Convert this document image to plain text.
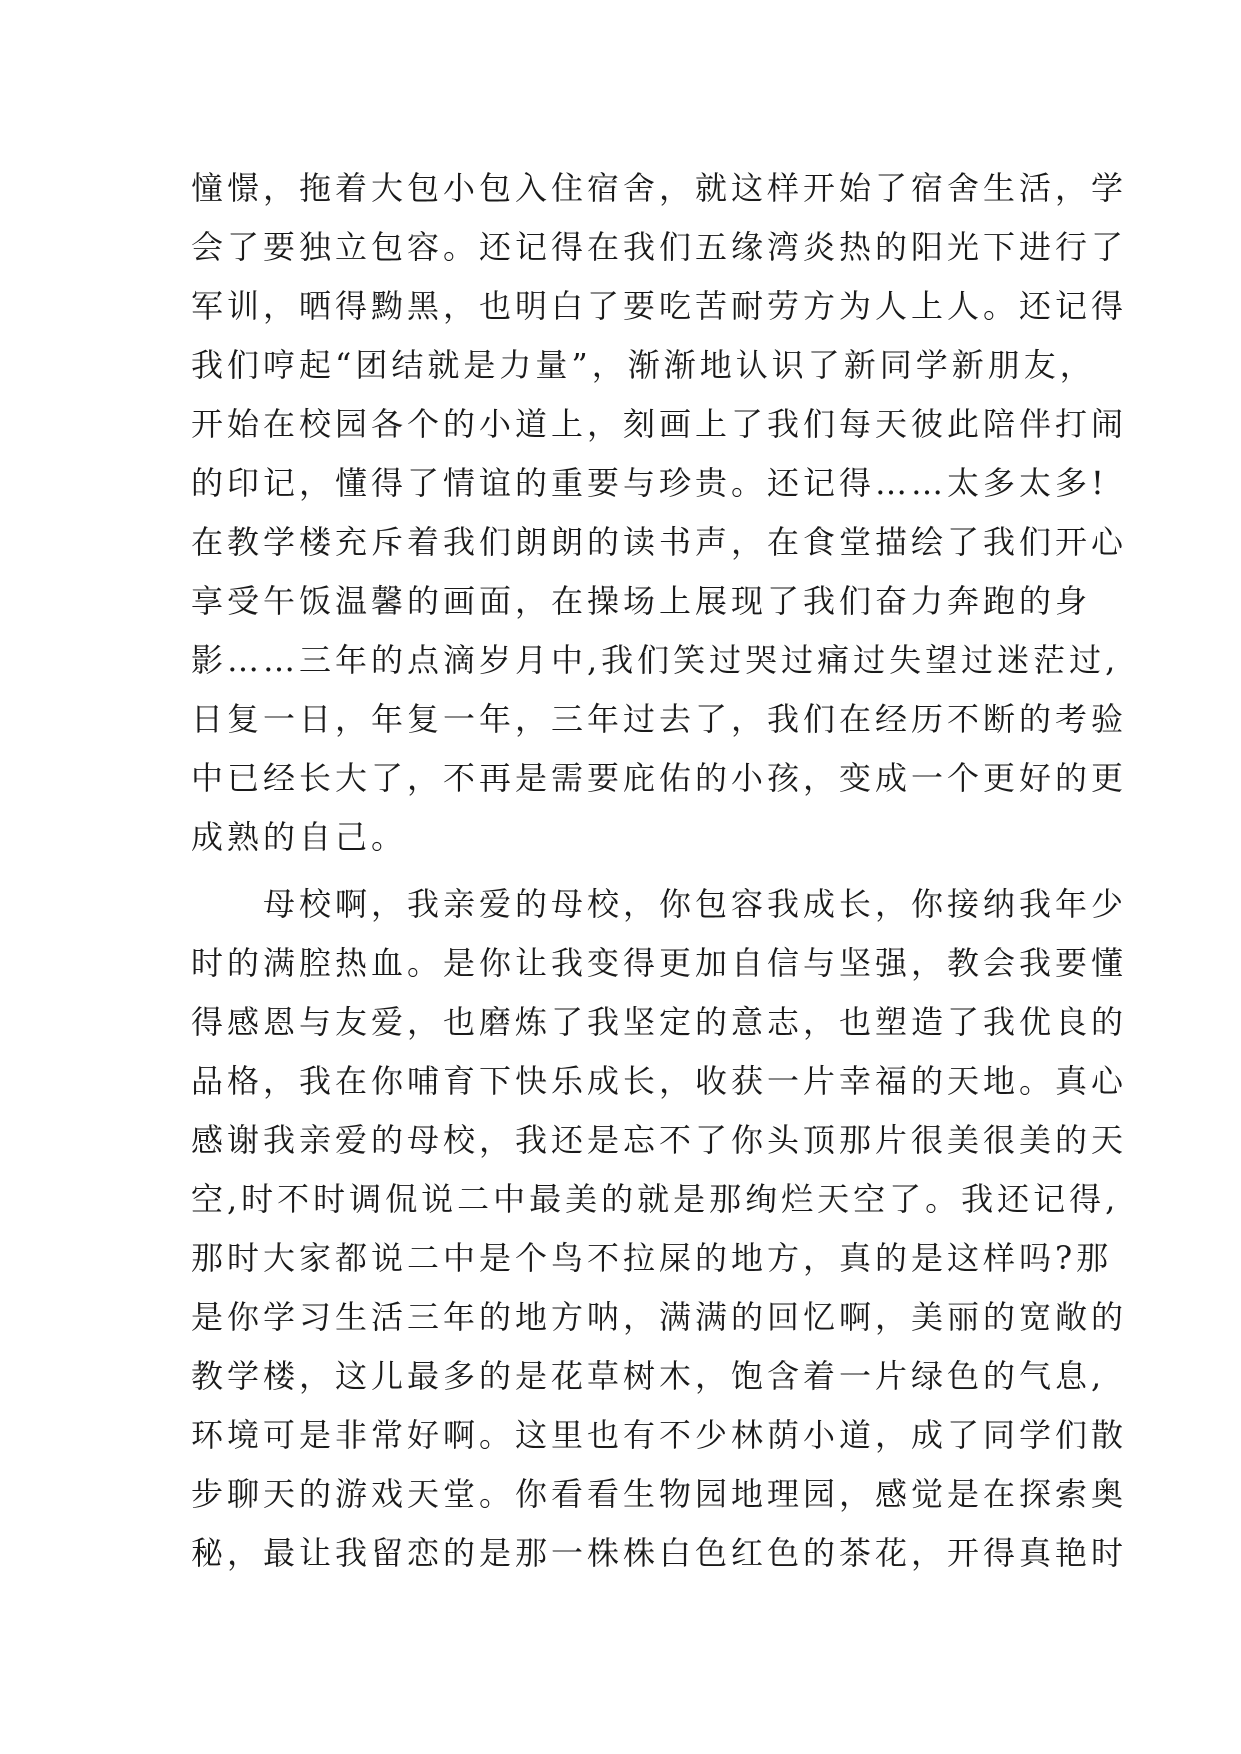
憧憬，拖着大包小包入住宿舍，就这样开始了宿舍生活，学
会了要独立包容。还记得在我们五缘湾炎热的阳光下进行了
军训，晒得黝黑，也明白了要吃苦耐劳方为人上人。还记得
我们哼起“团结就是力量”，渐渐地认识了新同学新朋友，
开始在校园各个的小道上，刻画上了我们每天彼此陪伴打闹
的印记，懂得了情谊的重要与珍贵。还记得……太多太多!
在教学楼充斥着我们朗朗的读书声，在食堂描绘了我们开心
享受午饭温馨的画面，在操场上展现了我们奋力奔跑的身
影……三年的点滴岁月中,我们笑过哭过痛过失望过迷茫过,
日复一日，年复一年，三年过去了，我们在经历不断的考验
中已经长大了，不再是需要庇佑的小孩，变成一个更好的更
成熟的自己。
　　母校啊，我亲爱的母校，你包容我成长，你接纳我年少
时的满腔热血。是你让我变得更加自信与坚强，教会我要懂
得感恩与友爱，也磨炼了我坚定的意志，也塑造了我优良的
品格，我在你哺育下快乐成长，收获一片幸福的天地。真心
感谢我亲爱的母校，我还是忘不了你头顶那片很美很美的天
空,时不时调侃说二中最美的就是那绚烂天空了。我还记得,
那时大家都说二中是个鸟不拉屎的地方，真的是这样吗?那
是你学习生活三年的地方呐，满满的回忆啊，美丽的宽敞的
教学楼，这儿最多的是花草树木，饱含着一片绿色的气息,
环境可是非常好啊。这里也有不少林荫小道，成了同学们散
步聊天的游戏天堂。你看看生物园地理园，感觉是在探索奥
秘，最让我留恋的是那一株株白色红色的茶花，开得真艳时
